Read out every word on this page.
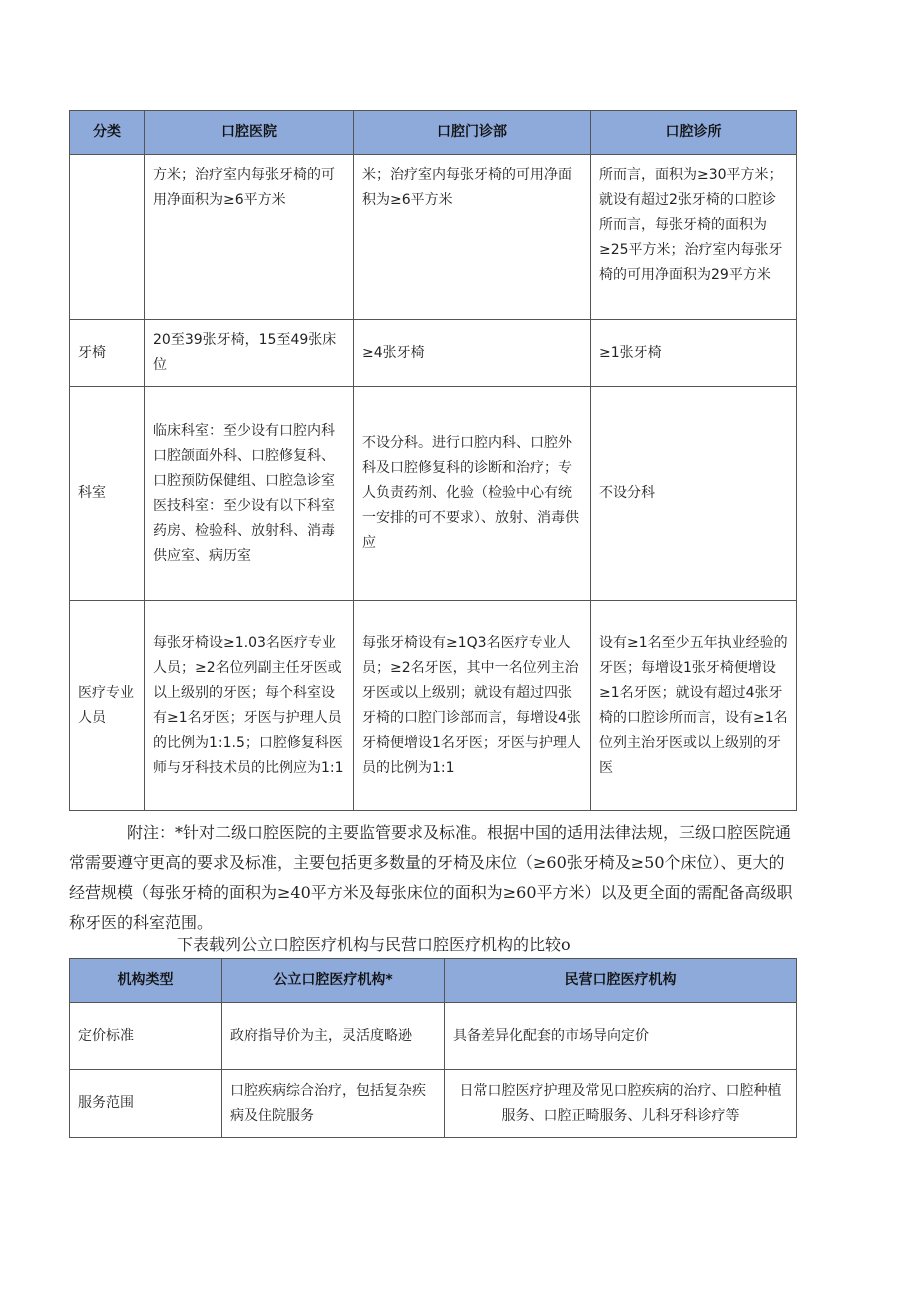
分类	口腔医院	口腔门诊部	口腔诊所
	方米；治疗室内每张牙椅的可用净面积为≥6平方米	米；治疗室内每张牙椅的可用净面积为≥6平方米	所而言，面积为≥30平方米；就设有超过2张牙椅的口腔诊所而言，每张牙椅的面积为≥25平方米；治疗室内每张牙椅的可用净面积为29平方米
牙椅	20至39张牙椅，15至49张床位	≥4张牙椅	≥1张牙椅
科室	临床科室：至少设有口腔内科口腔颌面外科、口腔修复科、口腔预防保健组、口腔急诊室医技科室：至少设有以下科室药房、检验科、放射科、消毒供应室、病历室	不设分科。进行口腔内科、口腔外科及口腔修复科的诊断和治疗；专人负责药剂、化验（检验中心有统一安排的可不要求）、放射、消毒供应	不设分科
医疗专业人员	每张牙椅设≥1.03名医疗专业人员；≥2名位列副主任牙医或以上级别的牙医；每个科室设有≥1名牙医；牙医与护理人员的比例为1:1.5；口腔修复科医师与牙科技术员的比例应为1:1	每张牙椅设有≥1Q3名医疗专业人员；≥2名牙医，其中一名位列主治牙医或以上级别；就设有超过四张牙椅的口腔门诊部而言，每增设4张牙椅便增设1名牙医；牙医与护理人员的比例为1:1	设有≥1名至少五年执业经验的牙医；每增设1张牙椅便增设≥1名牙医；就设有超过4张牙椅的口腔诊所而言，设有≥1名位列主治牙医或以上级别的牙医
附注：*针对二级口腔医院的主要监管要求及标准。根据中国的适用法律法规，三级口腔医院通常需要遵守更高的要求及标准，主要包括更多数量的牙椅及床位（≥60张牙椅及≥50个床位）、更大的经营规模（每张牙椅的面积为≥40平方米及每张床位的面积为≥60平方米）以及更全面的需配备高级职称牙医的科室范围。
下表载列公立口腔医疗机构与民营口腔医疗机构的比较o
机构类型	公立口腔医疗机构*	民营口腔医疗机构
定价标准	政府指导价为主，灵活度略逊	具备差异化配套的市场导向定价
服务范围	口腔疾病综合治疗，包括复杂疾病及住院服务	日常口腔医疗护理及常见口腔疾病的治疗、口腔种植服务、口腔正畸服务、儿科牙科诊疗等
